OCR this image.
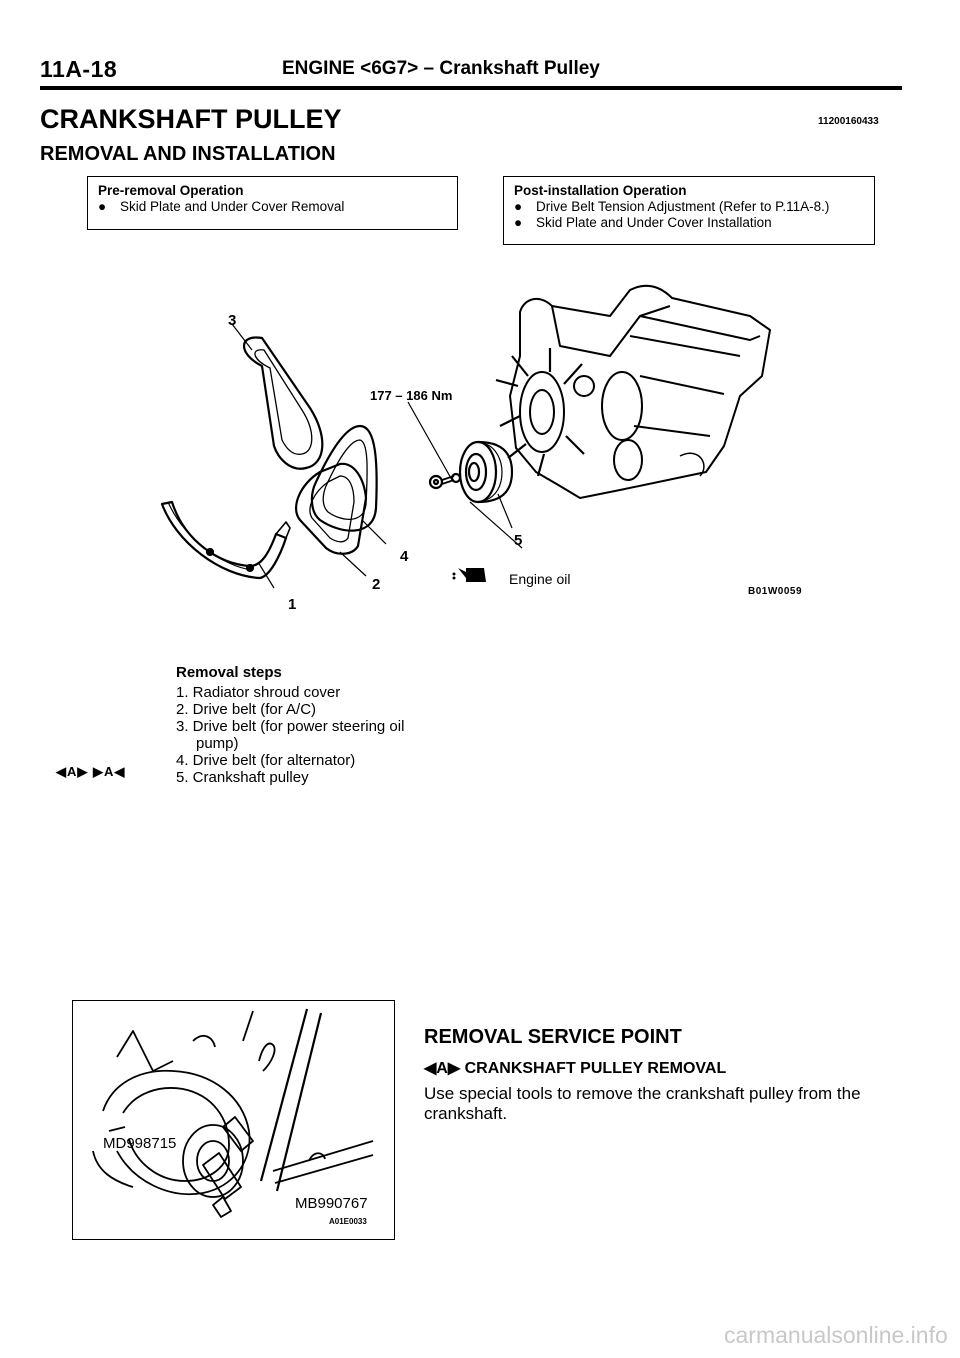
11A-18	ENGINE <6G7> – Crankshaft Pulley
CRANKSHAFT PULLEY	11200160433
REMOVAL AND INSTALLATION
Pre-removal Operation
●	Skid Plate and Under Cover Removal
Post-installation Operation
●	Drive Belt Tension Adjustment (Refer to P.11A-8.)
●	Skid Plate and Under Cover Installation
3
177 – 186 Nm
4
2
1
5
Engine oil
B01W0059
Removal steps
1. Radiator shroud cover
2. Drive belt (for A/C)
3. Drive belt (for power steering oil
pump)
4. Drive belt (for alternator)
5. Crankshaft pulley
◀A▶ ▶A◀
MD998715
MB990767
A01E0033
REMOVAL SERVICE POINT
◀A▶ CRANKSHAFT PULLEY REMOVAL
Use special tools to remove the crankshaft pulley from the crankshaft.
carmanualsonline.info
